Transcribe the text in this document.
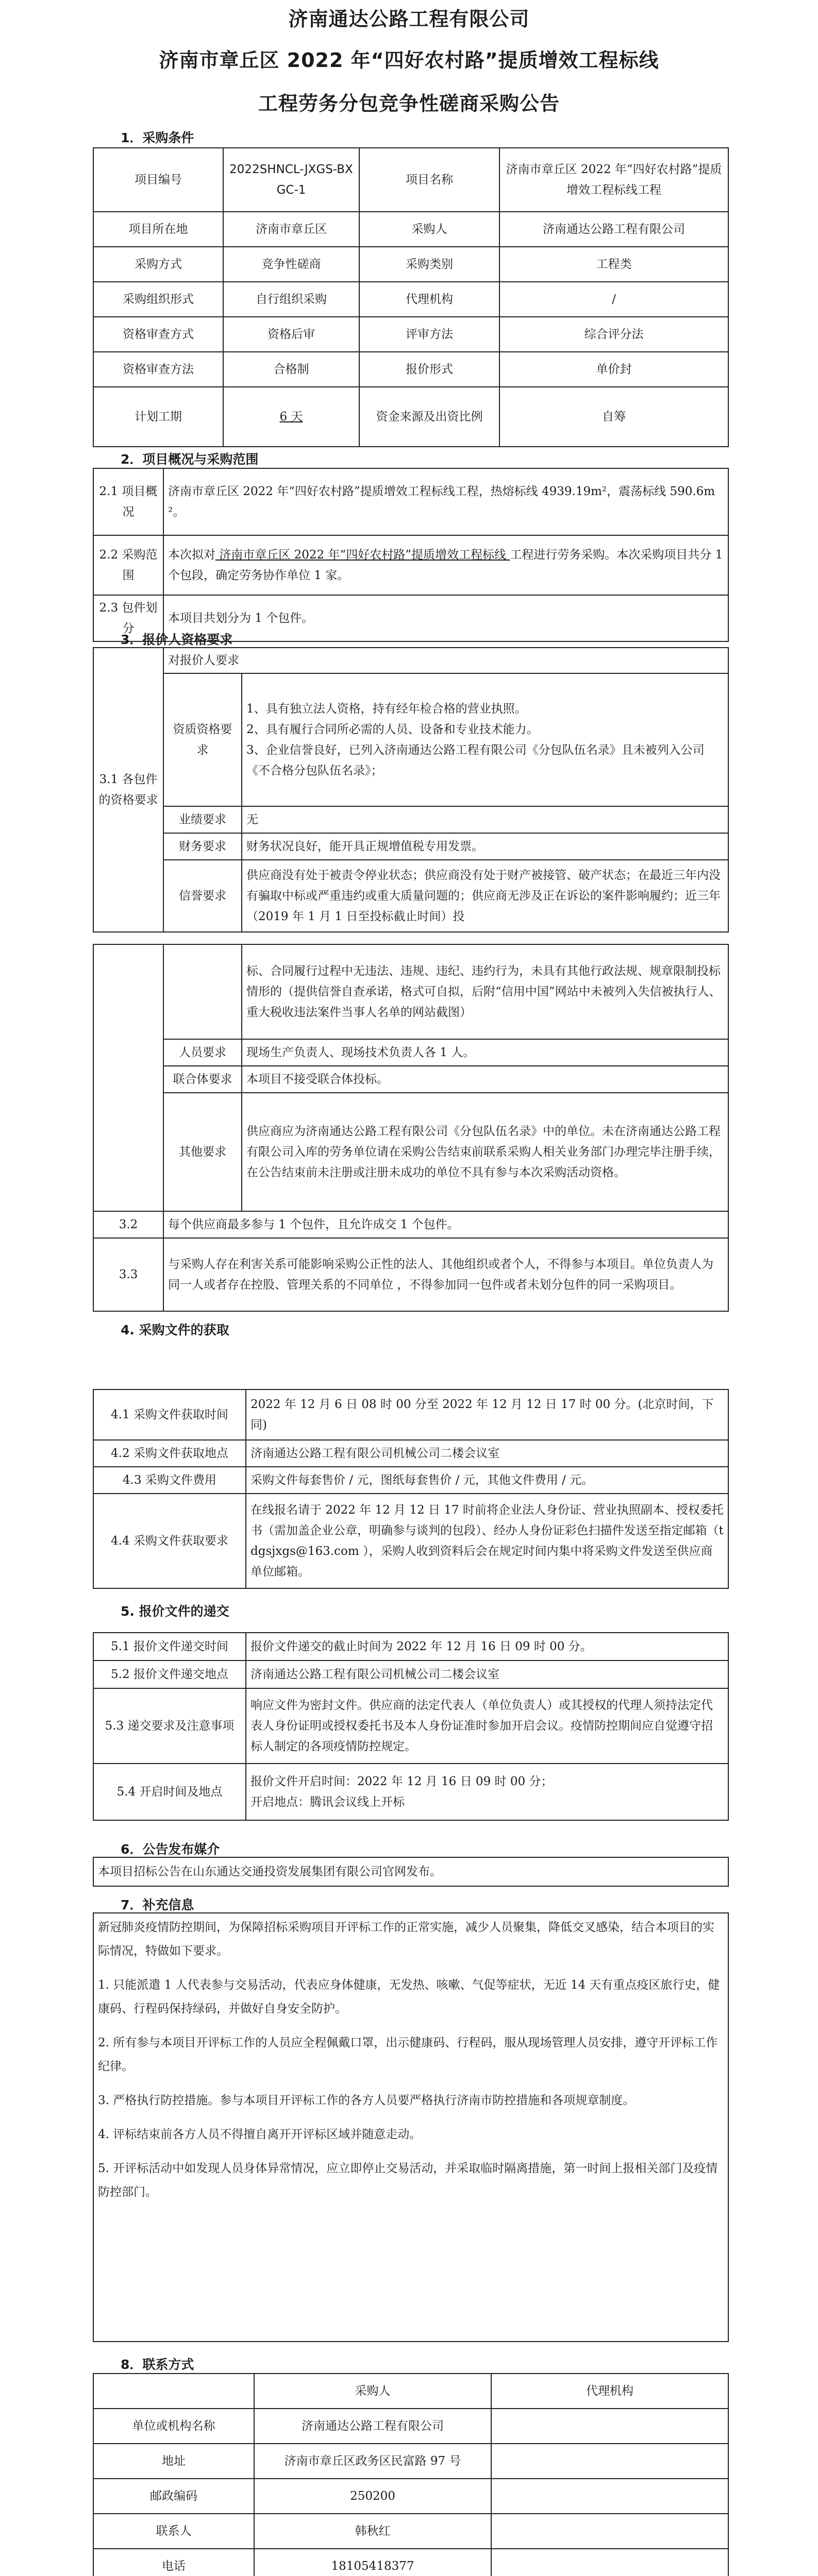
济南通达公路工程有限公司
济南市章丘区 2022 年“四好农村路”提质增效工程标线
工程劳务分包竞争性磋商采购公告
1．采购条件
项目编号	2022SHNCL-JXGS-BXGC-1	项目名称	济南市章丘区 2022 年“四好农村路”提质增效工程标线工程
项目所在地	济南市章丘区	采购人	济南通达公路工程有限公司
采购方式	竞争性磋商	采购类别	工程类
采购组织形式	自行组织采购	代理机构	/
资格审查方式	资格后审	评审方法	综合评分法
资格审查方法	合格制	报价形式	单价封
计划工期	6 天	资金来源及出资比例	自筹
2．项目概况与采购范围
2.1 项目概况	济南市章丘区 2022 年“四好农村路”提质增效工程标线工程，热熔标线 4939.19m²，震荡标线 590.6m²。
2.2 采购范围	本次拟对 济南市章丘区 2022 年“四好农村路”提质增效工程标线 工程进行劳务采购。本次采购项目共分 1 个包段，确定劳务协作单位 1 家。
2.3 包件划分	本项目共划分为 1 个包件。
3．报价人资格要求
3.1 各包件的资格要求	对报价人要求	
	资质资格要求	1、具有独立法人资格，持有经年检合格的营业执照。
2、具有履行合同所必需的人员、设备和专业技术能力。
3、企业信誉良好，已列入济南通达公路工程有限公司《分包队伍名录》且未被列入公司《不合格分包队伍名录》；

	业绩要求	无
	财务要求	财务状况良好，能开具正规增值税专用发票。
	信誉要求	供应商没有处于被责令停业状态；供应商没有处于财产被接管、破产状态；在最近三年内没有骗取中标或严重违约或重大质量问题的；供应商无涉及正在诉讼的案件影响履约；近三年（2019 年 1 月 1 日至投标截止时间）投
		标、合同履行过程中无违法、违规、违纪、违约行为，未具有其他行政法规、规章限制投标情形的（提供信誉自查承诺，格式可自拟，后附“信用中国”网站中未被列入失信被执行人、重大税收违法案件当事人名单的网站截图）
	人员要求	现场生产负责人、现场技术负责人各 1 人。
	联合体要求	本项目不接受联合体投标。
	其他要求	供应商应为济南通达公路工程有限公司《分包队伍名录》中的单位。未在济南通达公路工程有限公司入库的劳务单位请在采购公告结束前联系采购人相关业务部门办理完毕注册手续，在公告结束前未注册或注册未成功的单位不具有参与本次采购活动资格。
3.2	每个供应商最多参与 1 个包件，且允许成交 1 个包件。	
3.3	与采购人存在利害关系可能影响采购公正性的法人、其他组织或者个人，不得参与本项目。单位负责人为同一人或者存在控股、管理关系的不同单位 ，不得参加同一包件或者未划分包件的同一采购项目。	
4. 采购文件的获取
4.1 采购文件获取时间	2022 年 12 月 6 日 08 时 00 分至 2022 年 12 月 12 日 17 时 00 分。(北京时间，下同)
4.2 采购文件获取地点	济南通达公路工程有限公司机械公司二楼会议室
4.3 采购文件费用	采购文件每套售价 / 元，图纸每套售价 / 元，其他文件费用 / 元。
4.4 采购文件获取要求	在线报名请于 2022 年 12 月 12 日 17 时前将企业法人身份证、营业执照副本、授权委托书（需加盖企业公章，明确参与谈判的包段）、经办人身份证彩色扫描件发送至指定邮箱（tdgsjxgs@163.com ），采购人收到资料后会在规定时间内集中将采购文件发送至供应商单位邮箱。
5. 报价文件的递交
5.1 报价文件递交时间	报价文件递交的截止时间为 2022 年 12 月 16 日 09 时 00 分。
5.2 报价文件递交地点	济南通达公路工程有限公司机械公司二楼会议室
5.3 递交要求及注意事项	响应文件为密封文件。供应商的法定代表人（单位负责人）或其授权的代理人须持法定代表人身份证明或授权委托书及本人身份证准时参加开启会议。疫情防控期间应自觉遵守招标人制定的各项疫情防控规定。
5.4 开启时间及地点	报价文件开启时间：2022 年 12 月 16 日 09 时 00 分；
开启地点：腾讯会议线上开标
6．公告发布媒介
本项目招标公告在山东通达交通投资发展集团有限公司官网发布。
7．补充信息
新冠肺炎疫情防控期间，为保障招标采购项目开评标工作的正常实施，减少人员聚集，降低交叉感染，结合本项目的实际情况，特做如下要求。
1. 只能派遣 1 人代表参与交易活动，代表应身体健康，无发热、咳嗽、气促等症状，无近 14 天有重点疫区旅行史，健康码、行程码保持绿码，并做好自身安全防护。
2. 所有参与本项目开评标工作的人员应全程佩戴口罩，出示健康码、行程码，服从现场管理人员安排，遵守开评标工作纪律。
3. 严格执行防控措施。参与本项目开评标工作的各方人员要严格执行济南市防控措施和各项规章制度。
4. 评标结束前各方人员不得擅自离开开评标区域并随意走动。
5. 开评标活动中如发现人员身体异常情况，应立即停止交易活动，并采取临时隔离措施，第一时间上报相关部门及疫情防控部门。
8．联系方式
	采购人	代理机构
单位或机构名称	济南通达公路工程有限公司	
地址	济南市章丘区政务区民富路 97 号	
邮政编码	250200	
联系人	韩秋红	
电话	18105418377	
